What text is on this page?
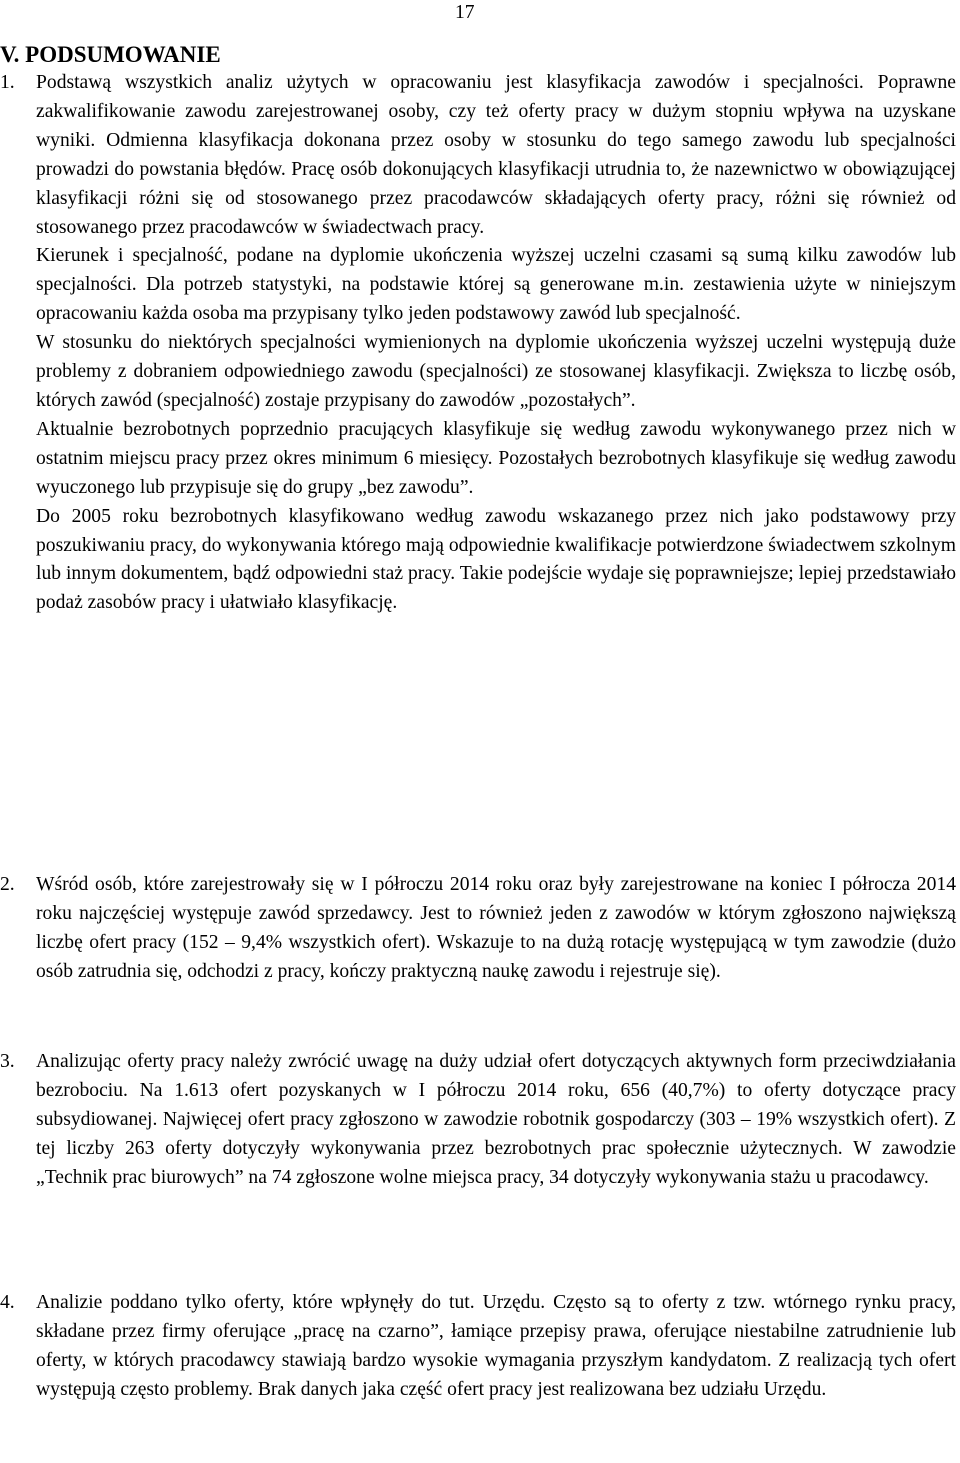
17
V. PODSUMOWANIE
1.	Podstawą wszystkich analiz użytych w opracowaniu jest klasyfikacja zawodów i specjalności. Poprawne zakwalifikowanie zawodu zarejestrowanej osoby, czy też oferty pracy w dużym stopniu wpływa na uzyskane wyniki. Odmienna klasyfikacja dokonana przez osoby w stosunku do tego samego zawodu lub specjalności prowadzi do powstania błędów. Pracę osób dokonujących klasyfikacji utrudnia to, że nazewnictwo w obowiązującej klasyfikacji różni się od stosowanego przez pracodawców składających oferty pracy, różni się również od stosowanego przez pracodawców w świadectwach pracy.

Kierunek i specjalność, podane na dyplomie ukończenia wyższej uczelni czasami są sumą kilku zawodów lub specjalności. Dla potrzeb statystyki, na podstawie której są generowane m.in. zestawienia użyte w niniejszym opracowaniu każda osoba ma przypisany tylko jeden podstawowy zawód lub specjalność.

W stosunku do niektórych specjalności wymienionych na dyplomie ukończenia wyższej uczelni występują duże problemy z dobraniem odpowiedniego zawodu (specjalności) ze stosowanej klasyfikacji. Zwiększa to liczbę osób, których zawód (specjalność) zostaje przypisany do zawodów „pozostałych”.

Aktualnie bezrobotnych poprzednio pracujących klasyfikuje się według zawodu wykonywanego przez nich w ostatnim miejscu pracy przez okres minimum 6 miesięcy. Pozostałych bezrobotnych klasyfikuje się według zawodu wyuczonego lub przypisuje się do grupy „bez zawodu”.

Do 2005 roku bezrobotnych klasyfikowano według zawodu wskazanego przez nich jako podstawowy przy poszukiwaniu pracy, do wykonywania którego mają odpowiednie kwalifikacje potwierdzone świadectwem szkolnym lub innym dokumentem, bądź odpowiedni staż pracy. Takie podejście wydaje się poprawniejsze; lepiej przedstawiało podaż zasobów pracy i ułatwiało klasyfikację.

2.	Wśród osób, które zarejestrowały się w I półroczu 2014 roku oraz były zarejestrowane na koniec I półrocza 2014 roku najczęściej występuje zawód sprzedawcy. Jest to również jeden z zawodów w którym zgłoszono największą liczbę ofert pracy (152 – 9,4% wszystkich ofert). Wskazuje to na dużą rotację występującą w tym zawodzie (dużo osób zatrudnia się, odchodzi z pracy, kończy praktyczną naukę zawodu i rejestruje się).

3.	Analizując oferty pracy należy zwrócić uwagę na duży udział ofert dotyczących aktywnych form przeciwdziałania bezrobociu. Na 1.613 ofert pozyskanych w I półroczu 2014 roku, 656 (40,7%) to oferty dotyczące pracy subsydiowanej. Najwięcej ofert pracy zgłoszono w zawodzie robotnik gospodarczy (303 – 19% wszystkich ofert). Z tej liczby 263 oferty dotyczyły wykonywania przez bezrobotnych prac społecznie użytecznych. W zawodzie „Technik prac biurowych” na 74 zgłoszone wolne miejsca pracy, 34 dotyczyły wykonywania stażu u pracodawcy.

4.	Analizie poddano tylko oferty, które wpłynęły do tut. Urzędu. Często są to oferty z tzw. wtórnego rynku pracy, składane przez firmy oferujące „pracę na czarno”, łamiące przepisy prawa, oferujące niestabilne zatrudnienie lub oferty, w których pracodawcy stawiają bardzo wysokie wymagania przyszłym kandydatom. Z realizacją tych ofert występują często problemy. Brak danych jaka część ofert pracy jest realizowana bez udziału Urzędu.
